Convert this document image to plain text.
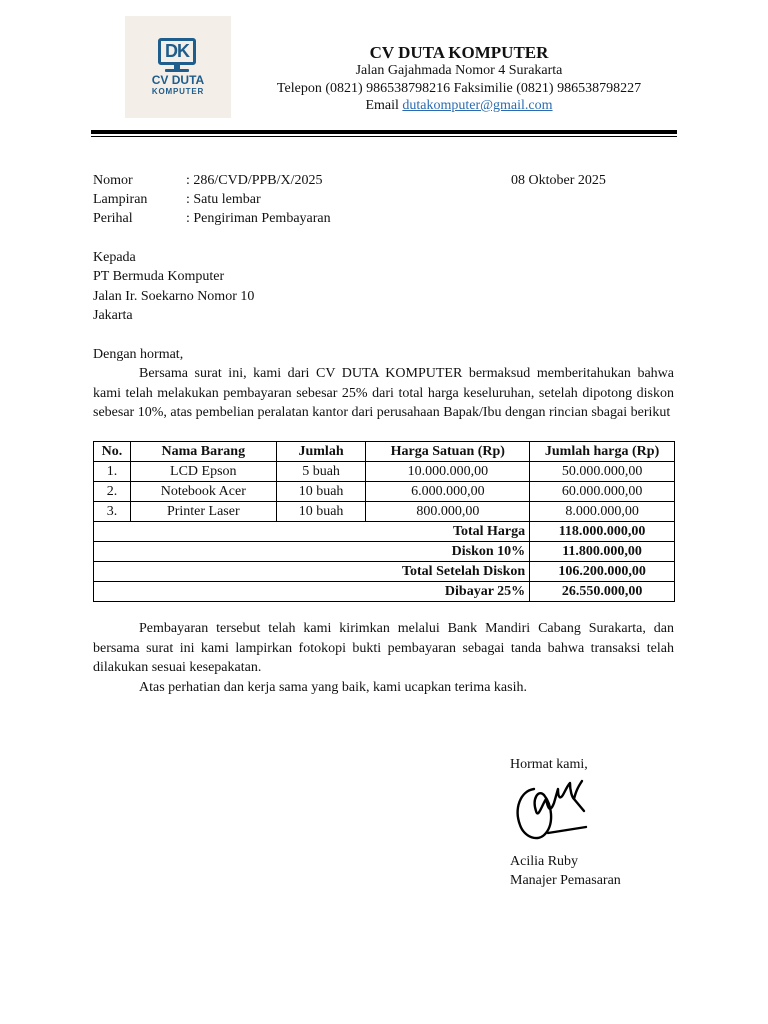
DK
CV DUTA
KOMPUTER
CV DUTA KOMPUTER
Jalan Gajahmada Nomor 4 Surakarta
Telepon (0821) 986538798216 Faksimilie (0821) 986538798227
Email dutakomputer@gmail.com
Nomor	: 286/CVD/PPB/X/2025	08 Oktober 2025
Lampiran	: Satu lembar
Perihal	: Pengiriman Pembayaran
Kepada
PT Bermuda Komputer
Jalan Ir. Soekarno Nomor 10
Jakarta
Dengan hormat,

Bersama surat ini, kami dari CV DUTA KOMPUTER bermaksud memberitahukan bahwa kami telah melakukan pembayaran sebesar 25% dari total harga keseluruhan, setelah dipotong diskon sebesar 10%, atas pembelian peralatan kantor dari perusahaan Bapak/Ibu dengan rincian sbagai berikut

No.	Nama Barang	Jumlah	Harga Satuan (Rp)	Jumlah harga (Rp)
1.	LCD Epson	5 buah	10.000.000,00	50.000.000,00
2.	Notebook Acer	10 buah	6.000.000,00	60.000.000,00
3.	Printer Laser	10 buah	800.000,00	8.000.000,00
Total Harga				118.000.000,00
Diskon 10%				11.800.000,00
Total Setelah Diskon				106.200.000,00
Dibayar 25%				26.550.000,00

Pembayaran tersebut telah kami kirimkan melalui Bank Mandiri Cabang Surakarta, dan bersama surat ini kami lampirkan fotokopi bukti pembayaran sebagai tanda bahwa transaksi telah dilakukan sesuai kesepakatan.

Atas perhatian dan kerja sama yang baik, kami ucapkan terima kasih.

Hormat kami,
Acilia Ruby
Manajer Pemasaran
